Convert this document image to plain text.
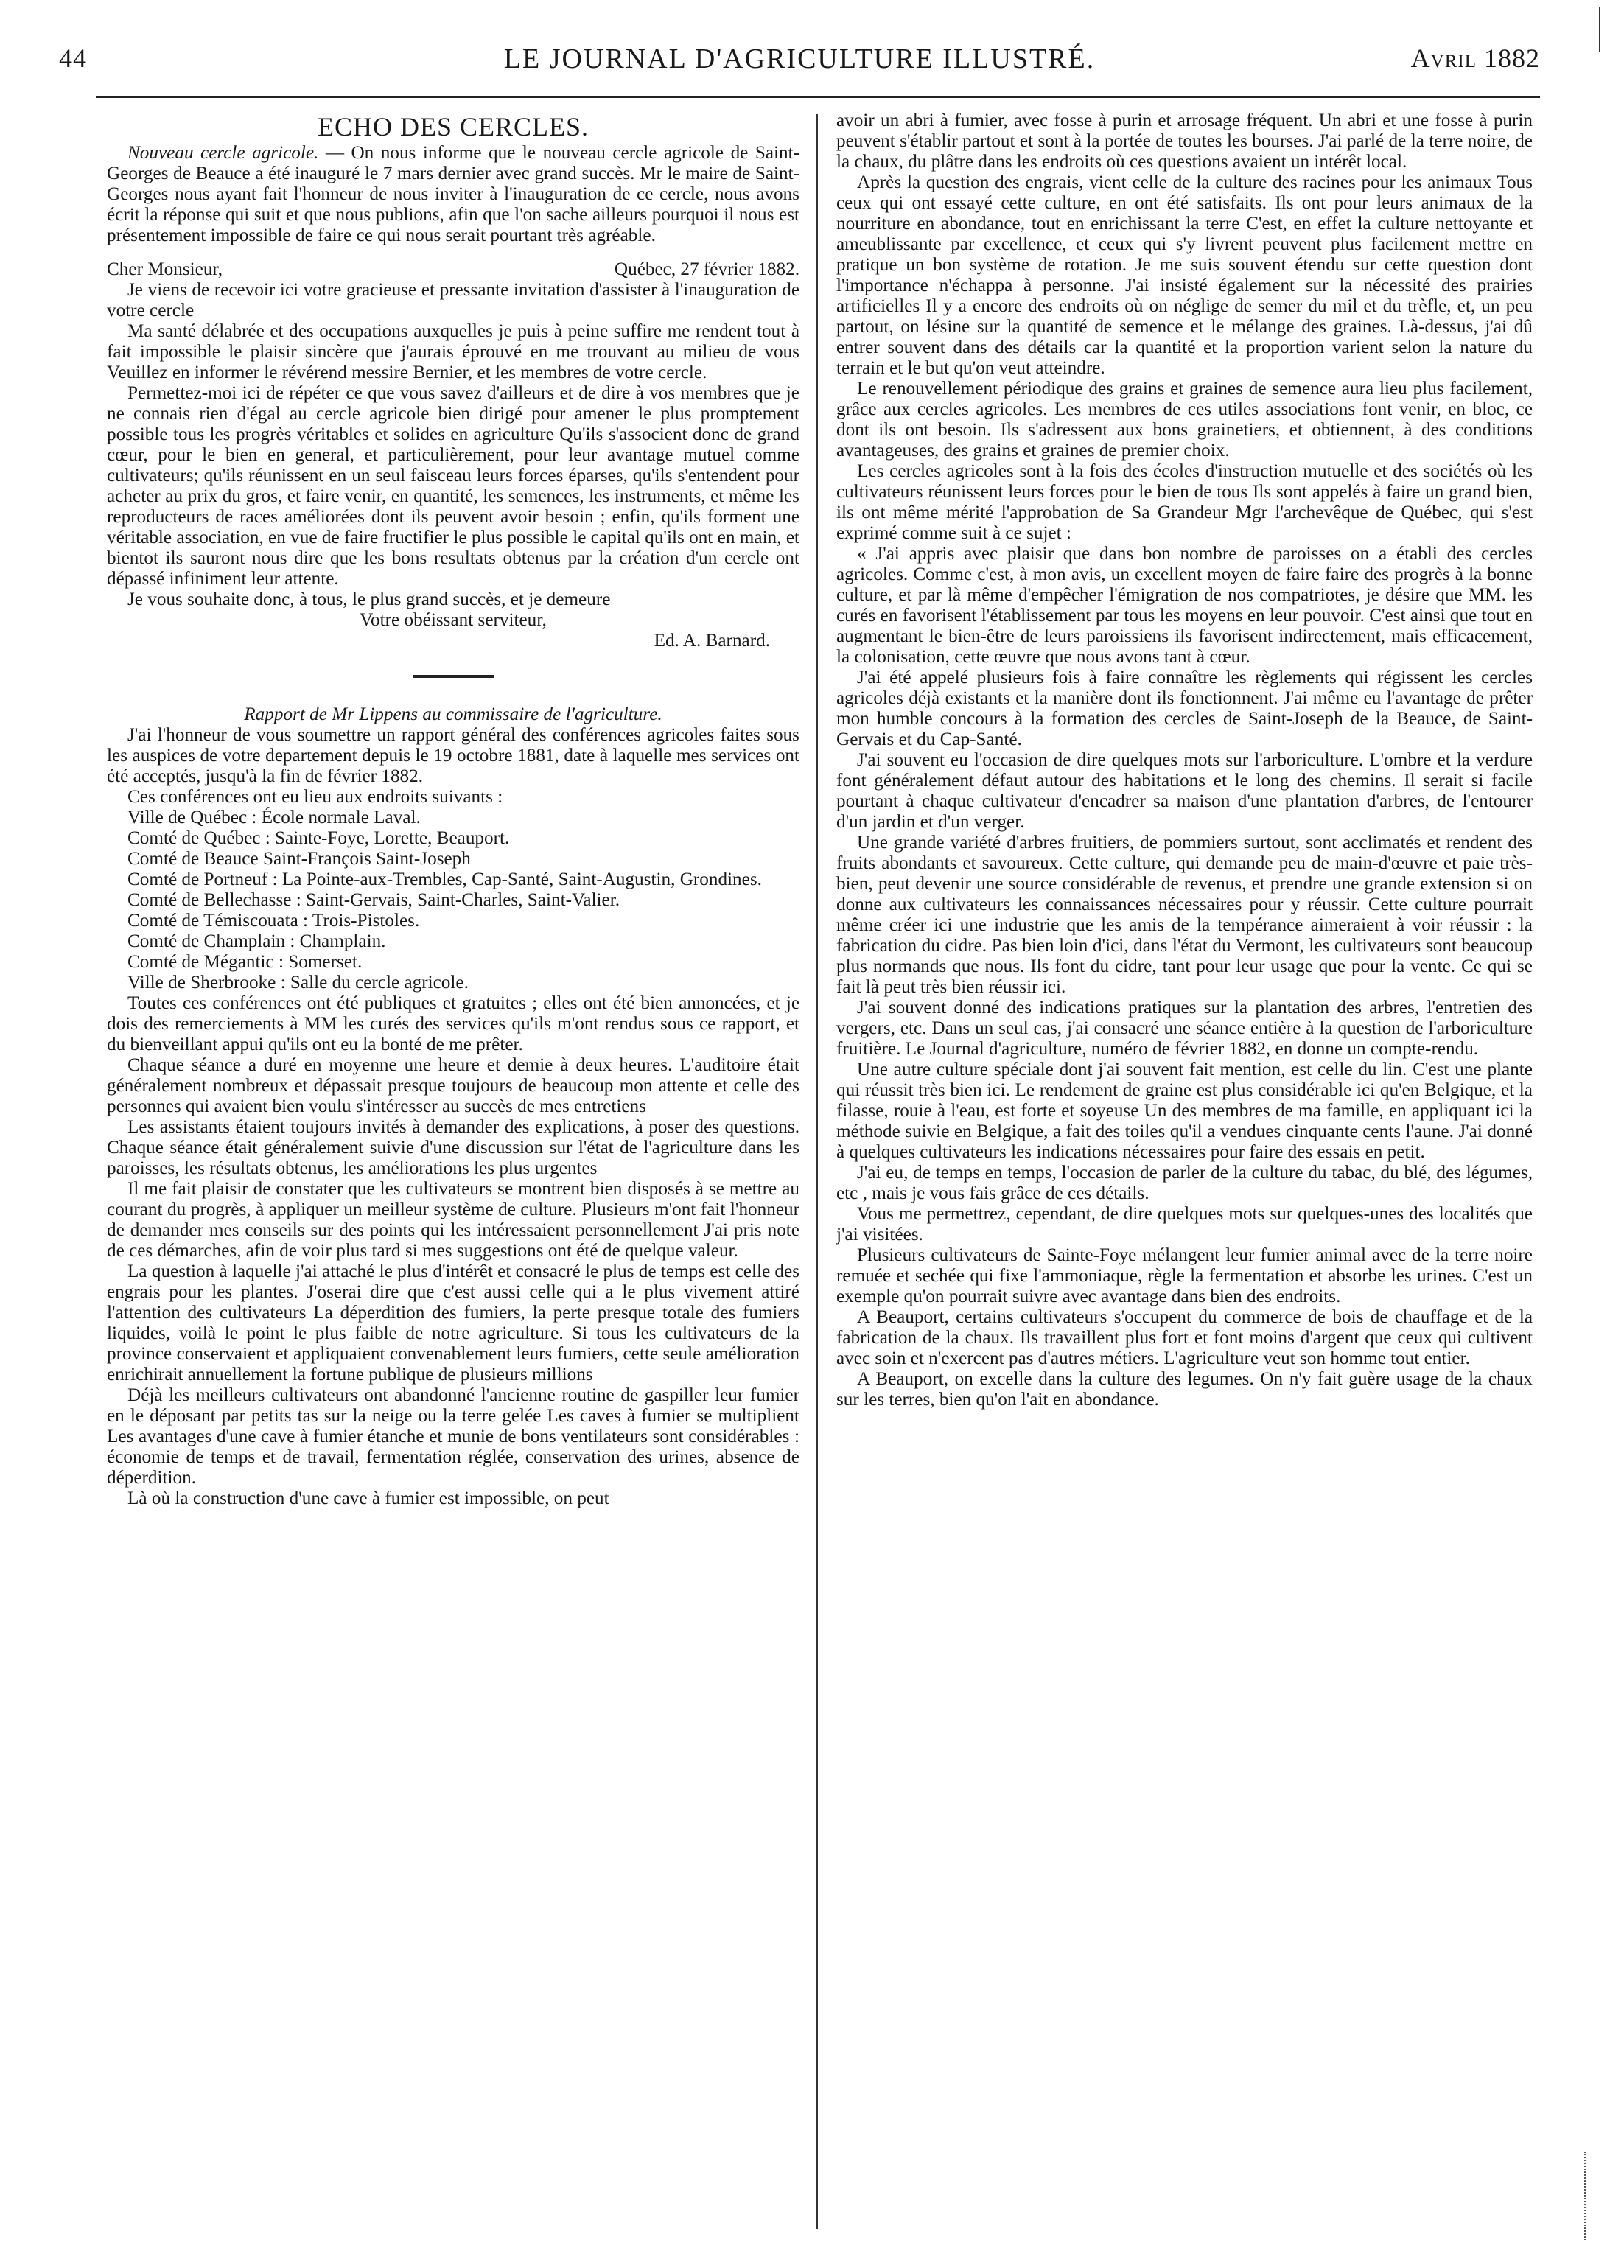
44	LE JOURNAL D'AGRICULTURE ILLUSTRÉ.	Avril 1882

ECHO DES CERCLES.

Nouveau cercle agricole. — On nous informe que le nouveau cercle agricole de Saint-Georges de Beauce a été inauguré le 7 mars dernier avec grand succès. Mr le maire de Saint-Georges nous ayant fait l'honneur de nous inviter à l'inauguration de ce cercle, nous avons écrit la réponse qui suit et que nous publions, afin que l'on sache ailleurs pourquoi il nous est présentement impossible de faire ce qui nous serait pourtant très agréable.

Cher Monsieur,	Québec, 27 février 1882.

Je viens de recevoir ici votre gracieuse et pressante invitation d'assister à l'inauguration de votre cercle

Ma santé délabrée et des occupations auxquelles je puis à peine suffire me rendent tout à fait impossible le plaisir sincère que j'aurais éprouvé en me trouvant au milieu de vous Veuillez en informer le révérend messire Bernier, et les membres de votre cercle.

Permettez-moi ici de répéter ce que vous savez d'ailleurs et de dire à vos membres que je ne connais rien d'égal au cercle agricole bien dirigé pour amener le plus promptement possible tous les progrès véritables et solides en agriculture Qu'ils s'associent donc de grand cœur, pour le bien en general, et particulièrement, pour leur avantage mutuel comme cultivateurs; qu'ils réunissent en un seul faisceau leurs forces éparses, qu'ils s'entendent pour acheter au prix du gros, et faire venir, en quantité, les semences, les instruments, et même les reproducteurs de races améliorées dont ils peuvent avoir besoin ; enfin, qu'ils forment une véritable association, en vue de faire fructifier le plus possible le capital qu'ils ont en main, et bientot ils sauront nous dire que les bons resultats obtenus par la création d'un cercle ont dépassé infiniment leur attente.

Je vous souhaite donc, à tous, le plus grand succès, et je demeure

Votre obéissant serviteur,

Ed. A. Barnard.

Rapport de Mr Lippens au commissaire de l'agriculture.

J'ai l'honneur de vous soumettre un rapport général des conférences agricoles faites sous les auspices de votre departement depuis le 19 octobre 1881, date à laquelle mes services ont été acceptés, jusqu'à la fin de février 1882.

Ces conférences ont eu lieu aux endroits suivants :

Ville de Québec : École normale Laval.

Comté de Québec : Sainte-Foye, Lorette, Beauport.

Comté de Beauce Saint-François Saint-Joseph

Comté de Portneuf : La Pointe-aux-Trembles, Cap-Santé, Saint-Augustin, Grondines.

Comté de Bellechasse : Saint-Gervais, Saint-Charles, Saint-Valier.

Comté de Témiscouata : Trois-Pistoles.

Comté de Champlain : Champlain.

Comté de Mégantic : Somerset.

Ville de Sherbrooke : Salle du cercle agricole.

Toutes ces conférences ont été publiques et gratuites ; elles ont été bien annoncées, et je dois des remerciements à MM les curés des services qu'ils m'ont rendus sous ce rapport, et du bienveillant appui qu'ils ont eu la bonté de me prêter.

Chaque séance a duré en moyenne une heure et demie à deux heures. L'auditoire était généralement nombreux et dépassait presque toujours de beaucoup mon attente et celle des personnes qui avaient bien voulu s'intéresser au succès de mes entretiens

Les assistants étaient toujours invités à demander des explications, à poser des questions. Chaque séance était généralement suivie d'une discussion sur l'état de l'agriculture dans les paroisses, les résultats obtenus, les améliorations les plus urgentes

Il me fait plaisir de constater que les cultivateurs se montrent bien disposés à se mettre au courant du progrès, à appliquer un meilleur système de culture. Plusieurs m'ont fait l'honneur de demander mes conseils sur des points qui les intéressaient personnellement J'ai pris note de ces démarches, afin de voir plus tard si mes suggestions ont été de quelque valeur.

La question à laquelle j'ai attaché le plus d'intérêt et consacré le plus de temps est celle des engrais pour les plantes. J'oserai dire que c'est aussi celle qui a le plus vivement attiré l'attention des cultivateurs La déperdition des fumiers, la perte presque totale des fumiers liquides, voilà le point le plus faible de notre agriculture. Si tous les cultivateurs de la province conservaient et appliquaient convenablement leurs fumiers, cette seule amélioration enrichirait annuellement la fortune publique de plusieurs millions

Déjà les meilleurs cultivateurs ont abandonné l'ancienne routine de gaspiller leur fumier en le déposant par petits tas sur la neige ou la terre gelée Les caves à fumier se multiplient Les avantages d'une cave à fumier étanche et munie de bons ventilateurs sont considérables : économie de temps et de travail, fermentation réglée, conservation des urines, absence de déperdition.

Là où la construction d'une cave à fumier est impossible, on peut

avoir un abri à fumier, avec fosse à purin et arrosage fréquent. Un abri et une fosse à purin peuvent s'établir partout et sont à la portée de toutes les bourses. J'ai parlé de la terre noire, de la chaux, du plâtre dans les endroits où ces questions avaient un intérêt local.

Après la question des engrais, vient celle de la culture des racines pour les animaux Tous ceux qui ont essayé cette culture, en ont été satisfaits. Ils ont pour leurs animaux de la nourriture en abondance, tout en enrichissant la terre C'est, en effet la culture nettoyante et ameublissante par excellence, et ceux qui s'y livrent peuvent plus facilement mettre en pratique un bon système de rotation. Je me suis souvent étendu sur cette question dont l'importance n'échappa à personne. J'ai insisté également sur la nécessité des prairies artificielles Il y a encore des endroits où on néglige de semer du mil et du trèfle, et, un peu partout, on lésine sur la quantité de semence et le mélange des graines. Là-dessus, j'ai dû entrer souvent dans des détails car la quantité et la proportion varient selon la nature du terrain et le but qu'on veut atteindre.

Le renouvellement périodique des grains et graines de semence aura lieu plus facilement, grâce aux cercles agricoles. Les membres de ces utiles associations font venir, en bloc, ce dont ils ont besoin. Ils s'adressent aux bons grainetiers, et obtiennent, à des conditions avantageuses, des grains et graines de premier choix.

Les cercles agricoles sont à la fois des écoles d'instruction mutuelle et des sociétés où les cultivateurs réunissent leurs forces pour le bien de tous Ils sont appelés à faire un grand bien, ils ont même mérité l'approbation de Sa Grandeur Mgr l'archevêque de Québec, qui s'est exprimé comme suit à ce sujet :

« J'ai appris avec plaisir que dans bon nombre de paroisses on a établi des cercles agricoles. Comme c'est, à mon avis, un excellent moyen de faire faire des progrès à la bonne culture, et par là même d'empêcher l'émigration de nos compatriotes, je désire que MM. les curés en favorisent l'établissement par tous les moyens en leur pouvoir. C'est ainsi que tout en augmentant le bien-être de leurs paroissiens ils favorisent indirectement, mais efficacement, la colonisation, cette œuvre que nous avons tant à cœur.

J'ai été appelé plusieurs fois à faire connaître les règlements qui régissent les cercles agricoles déjà existants et la manière dont ils fonctionnent. J'ai même eu l'avantage de prêter mon humble concours à la formation des cercles de Saint-Joseph de la Beauce, de Saint-Gervais et du Cap-Santé.

J'ai souvent eu l'occasion de dire quelques mots sur l'arboriculture. L'ombre et la verdure font généralement défaut autour des habitations et le long des chemins. Il serait si facile pourtant à chaque cultivateur d'encadrer sa maison d'une plantation d'arbres, de l'entourer d'un jardin et d'un verger.

Une grande variété d'arbres fruitiers, de pommiers surtout, sont acclimatés et rendent des fruits abondants et savoureux. Cette culture, qui demande peu de main-d'œuvre et paie très-bien, peut devenir une source considérable de revenus, et prendre une grande extension si on donne aux cultivateurs les connaissances nécessaires pour y réussir. Cette culture pourrait même créer ici une industrie que les amis de la tempérance aimeraient à voir réussir : la fabrication du cidre. Pas bien loin d'ici, dans l'état du Vermont, les cultivateurs sont beaucoup plus normands que nous. Ils font du cidre, tant pour leur usage que pour la vente. Ce qui se fait là peut très bien réussir ici.

J'ai souvent donné des indications pratiques sur la plantation des arbres, l'entretien des vergers, etc. Dans un seul cas, j'ai consacré une séance entière à la question de l'arboriculture fruitière. Le Journal d'agriculture, numéro de février 1882, en donne un compte-rendu.

Une autre culture spéciale dont j'ai souvent fait mention, est celle du lin. C'est une plante qui réussit très bien ici. Le rendement de graine est plus considérable ici qu'en Belgique, et la filasse, rouie à l'eau, est forte et soyeuse Un des membres de ma famille, en appliquant ici la méthode suivie en Belgique, a fait des toiles qu'il a vendues cinquante cents l'aune. J'ai donné à quelques cultivateurs les indications nécessaires pour faire des essais en petit.

J'ai eu, de temps en temps, l'occasion de parler de la culture du tabac, du blé, des légumes, etc , mais je vous fais grâce de ces détails.

Vous me permettrez, cependant, de dire quelques mots sur quelques-unes des localités que j'ai visitées.

Plusieurs cultivateurs de Sainte-Foye mélangent leur fumier animal avec de la terre noire remuée et sechée qui fixe l'ammoniaque, règle la fermentation et absorbe les urines. C'est un exemple qu'on pourrait suivre avec avantage dans bien des endroits.

A Beauport, certains cultivateurs s'occupent du commerce de bois de chauffage et de la fabrication de la chaux. Ils travaillent plus fort et font moins d'argent que ceux qui cultivent avec soin et n'exercent pas d'autres métiers. L'agriculture veut son homme tout entier.

A Beauport, on excelle dans la culture des legumes. On n'y fait guère usage de la chaux sur les terres, bien qu'on l'ait en abondance.
